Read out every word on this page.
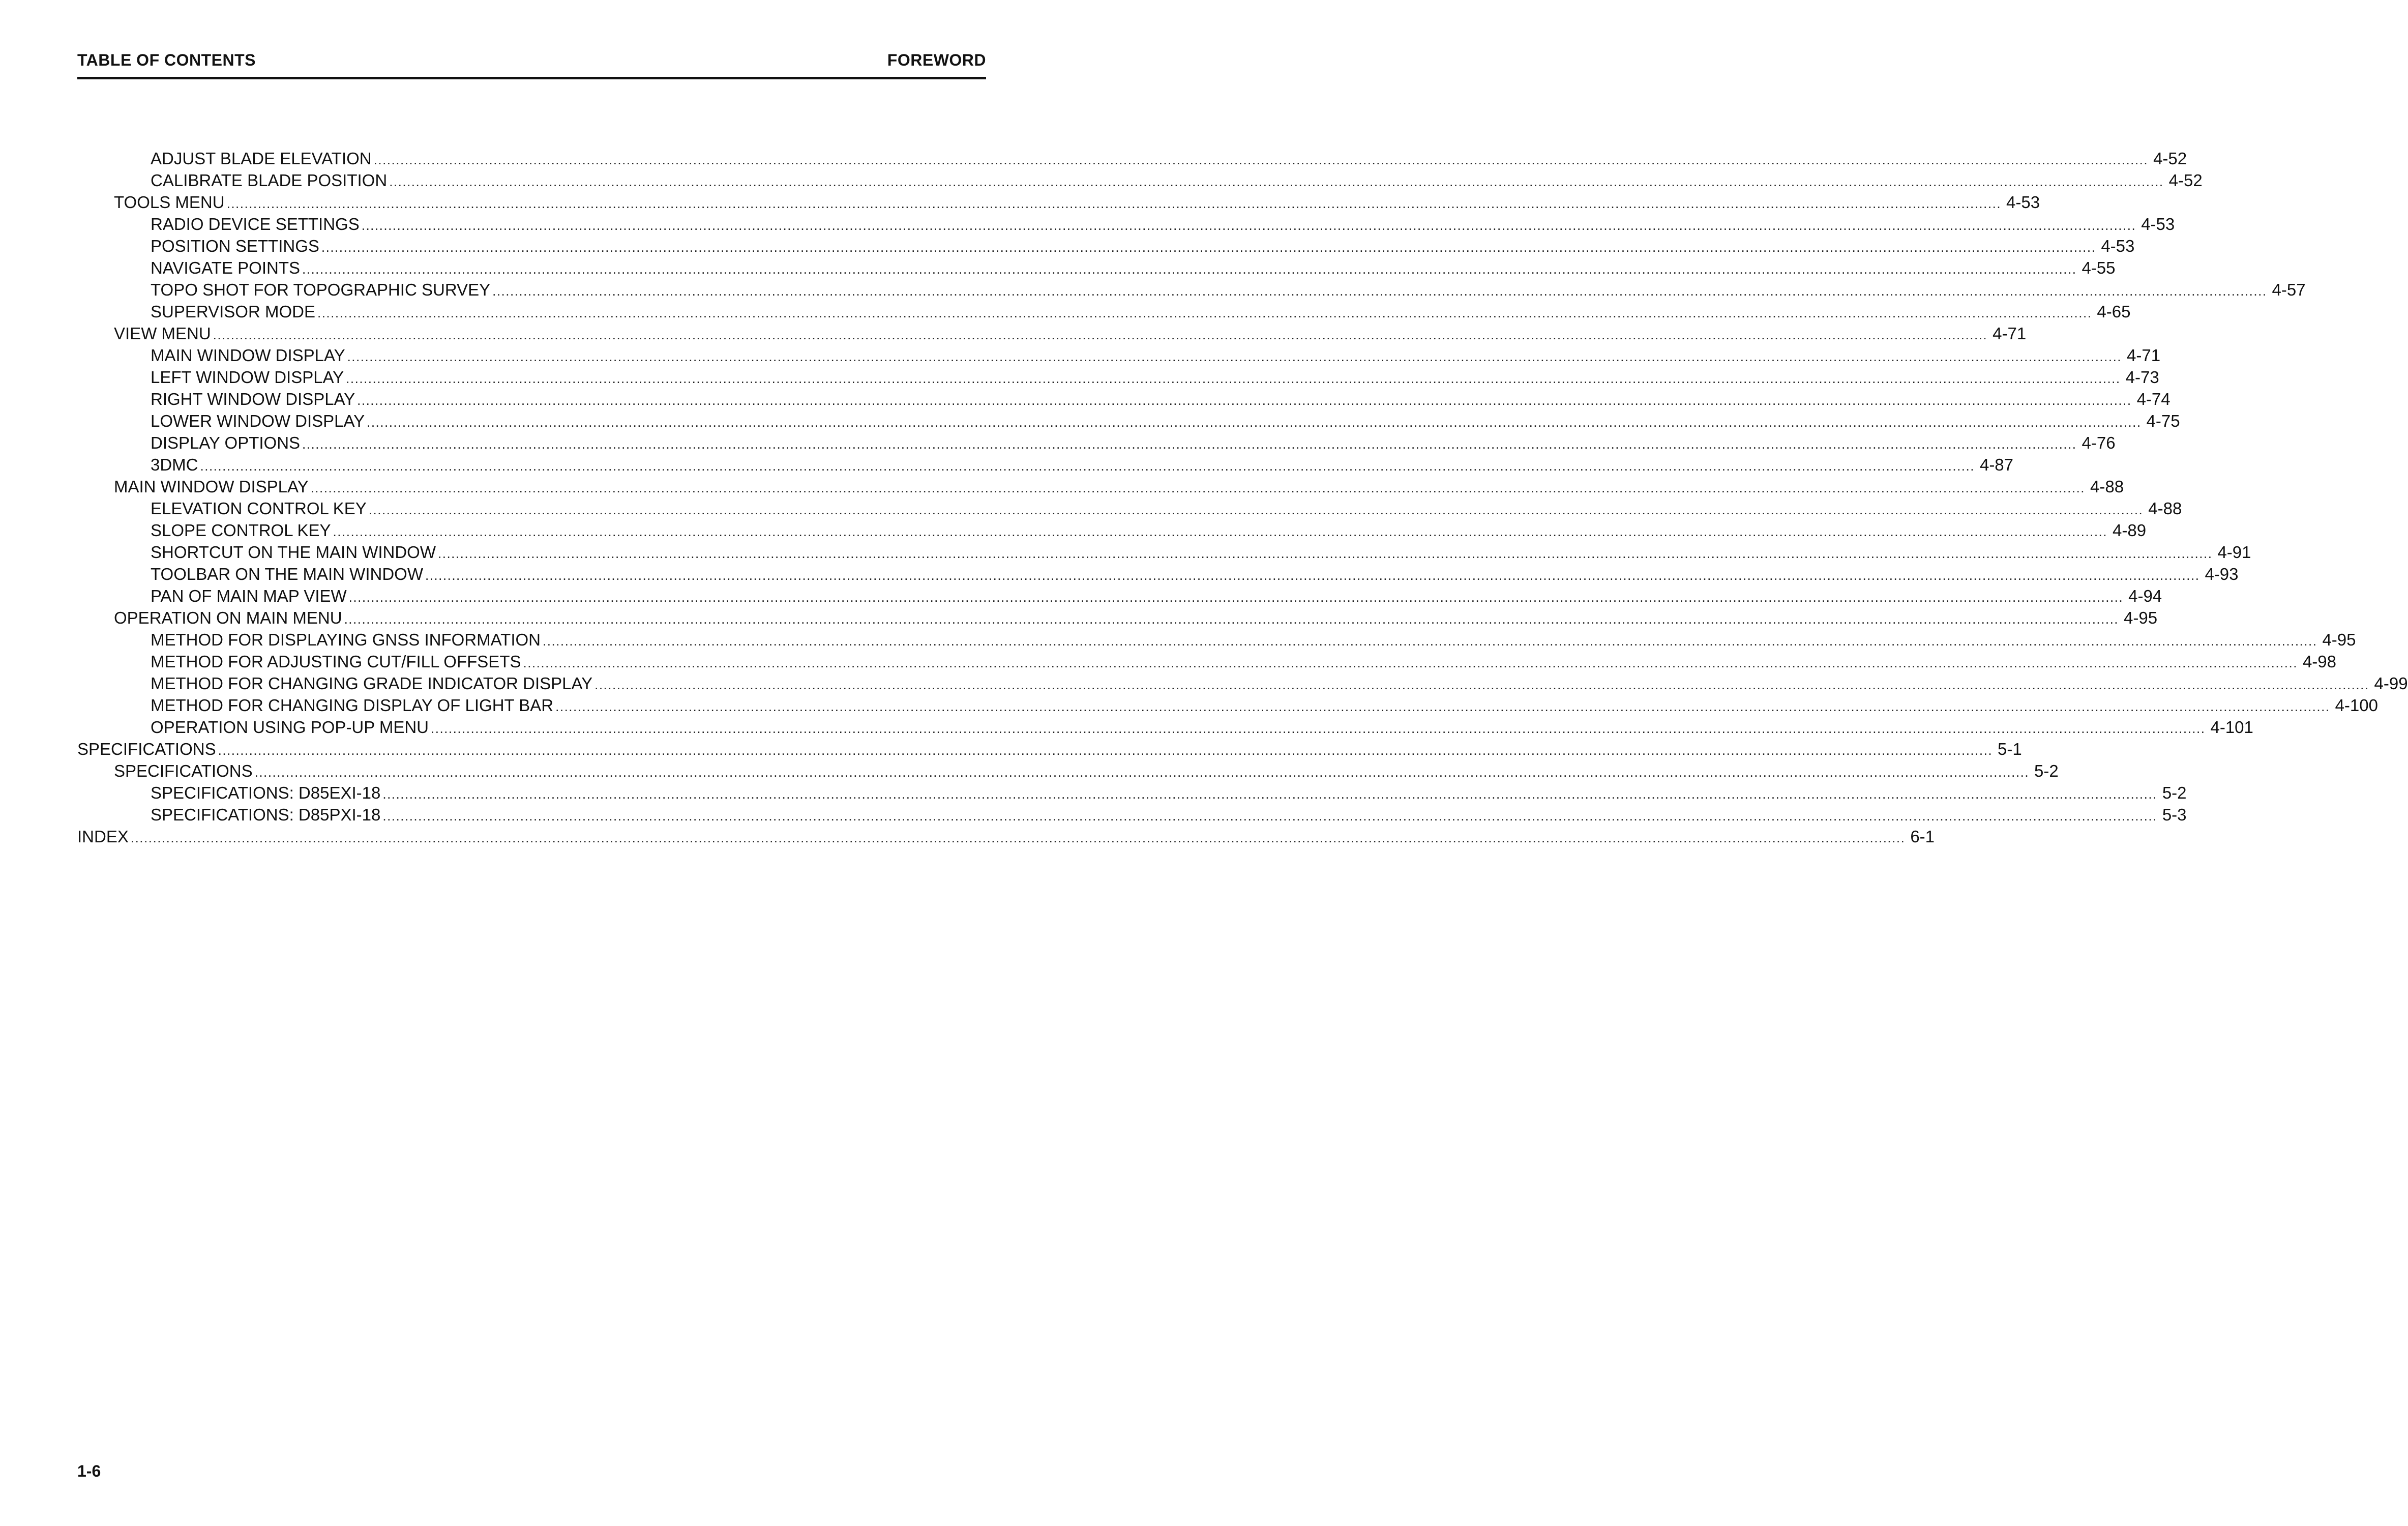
TABLE OF CONTENTS	FOREWORD
ADJUST BLADE ELEVATION ................................................................................................................................................................................................................................................................................................................................................................................................................ 4-52
CALIBRATE BLADE POSITION ................................................................................................................................................................................................................................................................................................................................................................................................................ 4-52
TOOLS MENU ................................................................................................................................................................................................................................................................................................................................................................................................................ 4-53
RADIO DEVICE SETTINGS ................................................................................................................................................................................................................................................................................................................................................................................................................ 4-53
POSITION SETTINGS ................................................................................................................................................................................................................................................................................................................................................................................................................ 4-53
NAVIGATE POINTS ................................................................................................................................................................................................................................................................................................................................................................................................................ 4-55
TOPO SHOT FOR TOPOGRAPHIC SURVEY ................................................................................................................................................................................................................................................................................................................................................................................................................ 4-57
SUPERVISOR MODE ................................................................................................................................................................................................................................................................................................................................................................................................................ 4-65
VIEW MENU ................................................................................................................................................................................................................................................................................................................................................................................................................ 4-71
MAIN WINDOW DISPLAY ................................................................................................................................................................................................................................................................................................................................................................................................................ 4-71
LEFT WINDOW DISPLAY ................................................................................................................................................................................................................................................................................................................................................................................................................ 4-73
RIGHT WINDOW DISPLAY ................................................................................................................................................................................................................................................................................................................................................................................................................ 4-74
LOWER WINDOW DISPLAY ................................................................................................................................................................................................................................................................................................................................................................................................................ 4-75
DISPLAY OPTIONS ................................................................................................................................................................................................................................................................................................................................................................................................................ 4-76
3DMC ................................................................................................................................................................................................................................................................................................................................................................................................................ 4-87
MAIN WINDOW DISPLAY ................................................................................................................................................................................................................................................................................................................................................................................................................ 4-88
ELEVATION CONTROL KEY ................................................................................................................................................................................................................................................................................................................................................................................................................ 4-88
SLOPE CONTROL KEY ................................................................................................................................................................................................................................................................................................................................................................................................................ 4-89
SHORTCUT ON THE MAIN WINDOW ................................................................................................................................................................................................................................................................................................................................................................................................................ 4-91
TOOLBAR ON THE MAIN WINDOW ................................................................................................................................................................................................................................................................................................................................................................................................................ 4-93
PAN OF MAIN MAP VIEW ................................................................................................................................................................................................................................................................................................................................................................................................................ 4-94
OPERATION ON MAIN MENU ................................................................................................................................................................................................................................................................................................................................................................................................................ 4-95
METHOD FOR DISPLAYING GNSS INFORMATION ................................................................................................................................................................................................................................................................................................................................................................................................................ 4-95
METHOD FOR ADJUSTING CUT/FILL OFFSETS ................................................................................................................................................................................................................................................................................................................................................................................................................ 4-98
METHOD FOR CHANGING GRADE INDICATOR DISPLAY ................................................................................................................................................................................................................................................................................................................................................................................................................ 4-99
METHOD FOR CHANGING DISPLAY OF LIGHT BAR ................................................................................................................................................................................................................................................................................................................................................................................................................ 4-100
OPERATION USING POP-UP MENU ................................................................................................................................................................................................................................................................................................................................................................................................................ 4-101
SPECIFICATIONS ................................................................................................................................................................................................................................................................................................................................................................................................................ 5-1
SPECIFICATIONS ................................................................................................................................................................................................................................................................................................................................................................................................................ 5-2
SPECIFICATIONS: D85EXI-18 ................................................................................................................................................................................................................................................................................................................................................................................................................ 5-2
SPECIFICATIONS: D85PXI-18 ................................................................................................................................................................................................................................................................................................................................................................................................................ 5-3
INDEX ................................................................................................................................................................................................................................................................................................................................................................................................................ 6-1
1-6
